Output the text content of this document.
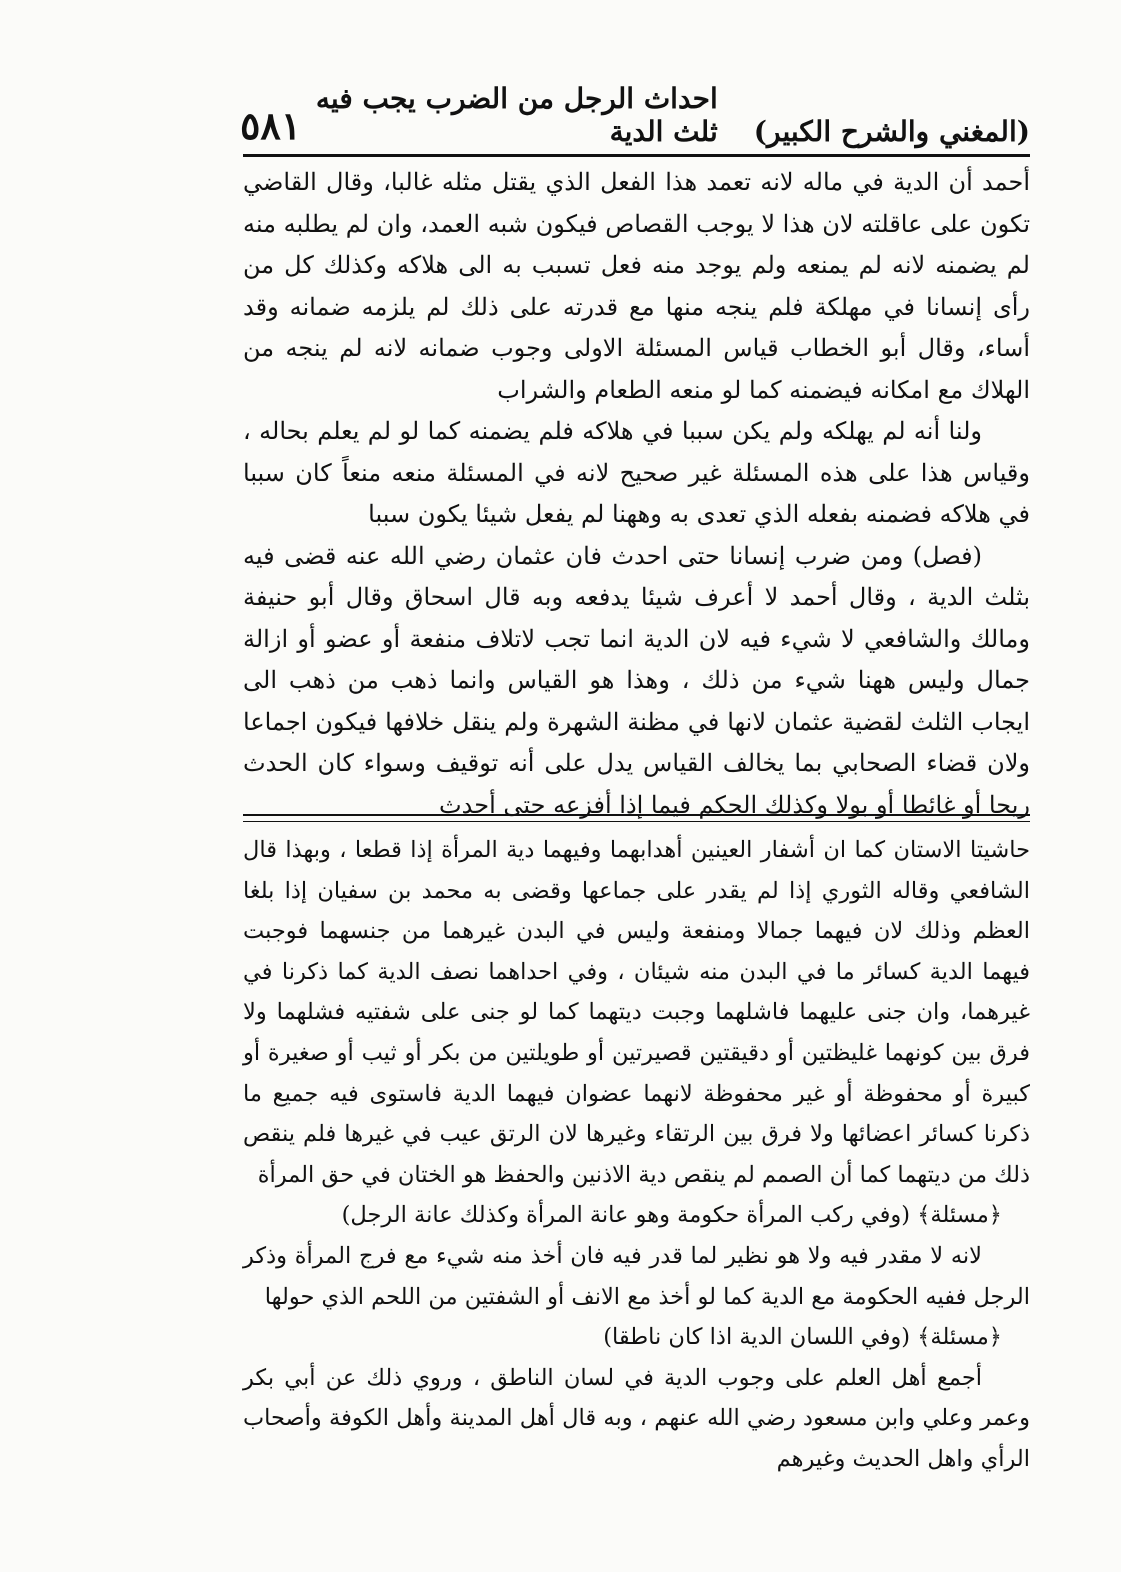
(المغني والشرح الكبير)
احداث الرجل من الضرب يجب فيه ثلث الدية
٥٨١

أحمد أن الدية في ماله لانه تعمد هذا الفعل الذي يقتل مثله غالبا، وقال القاضي تكون على عاقلته لان هذا لا يوجب القصاص فيكون شبه العمد، وان لم يطلبه منه لم يضمنه لانه لم يمنعه ولم يوجد منه فعل تسبب به الى هلاكه وكذلك كل من رأى إنسانا في مهلكة فلم ينجه منها مع قدرته على ذلك لم يلزمه ضمانه وقد أساء، وقال أبو الخطاب قياس المسئلة الاولى وجوب ضمانه لانه لم ينجه من الهلاك مع امكانه فيضمنه كما لو منعه الطعام والشراب

ولنا أنه لم يهلكه ولم يكن سببا في هلاكه فلم يضمنه كما لو لم يعلم بحاله ، وقياس هذا على هذه المسئلة غير صحيح لانه في المسئلة منعه منعاً كان سببا في هلاكه فضمنه بفعله الذي تعدى به وههنا لم يفعل شيئا يكون سببا

(فصل) ومن ضرب إنسانا حتى احدث فان عثمان رضي الله عنه قضى فيه بثلث الدية ، وقال أحمد لا أعرف شيئا يدفعه وبه قال اسحاق وقال أبو حنيفة ومالك والشافعي لا شيء فيه لان الدية انما تجب لاتلاف منفعة أو عضو أو ازالة جمال وليس ههنا شيء من ذلك ، وهذا هو القياس وانما ذهب من ذهب الى ايجاب الثلث لقضية عثمان لانها في مظنة الشهرة ولم ينقل خلافها فيكون اجماعا ولان قضاء الصحابي بما يخالف القياس يدل على أنه توقيف وسواء كان الحدث ريحا أو غائطا أو بولا وكذلك الحكم فيما إذا أفزعه حتى أحدث

حاشيتا الاستان كما ان أشفار العينين أهدابهما وفيهما دية المرأة إذا قطعا ، وبهذا قال الشافعي وقاله الثوري إذا لم يقدر على جماعها وقضى به محمد بن سفيان إذا بلغا العظم وذلك لان فيهما جمالا ومنفعة وليس في البدن غيرهما من جنسهما فوجبت فيهما الدية كسائر ما في البدن منه شيئان ، وفي احداهما نصف الدية كما ذكرنا في غيرهما، وان جنى عليهما فاشلهما وجبت ديتهما كما لو جنى على شفتيه فشلهما ولا فرق بين كونهما غليظتين أو دقيقتين قصيرتين أو طويلتين من بكر أو ثيب أو صغيرة أو كبيرة أو محفوظة أو غير محفوظة لانهما عضوان فيهما الدية فاستوى فيه جميع ما ذكرنا كسائر اعضائها ولا فرق بين الرتقاء وغيرها لان الرتق عيب في غيرها فلم ينقص ذلك من ديتهما كما أن الصمم لم ينقص دية الاذنين والحفظ هو الختان في حق المرأة

﴿مسئلة﴾ (وفي ركب المرأة حكومة وهو عانة المرأة وكذلك عانة الرجل)

لانه لا مقدر فيه ولا هو نظير لما قدر فيه فان أخذ منه شيء مع فرج المرأة وذكر الرجل ففيه الحكومة مع الدية كما لو أخذ مع الانف أو الشفتين من اللحم الذي حولها

﴿مسئلة﴾ (وفي اللسان الدية اذا كان ناطقا)

أجمع أهل العلم على وجوب الدية في لسان الناطق ، وروي ذلك عن أبي بكر وعمر وعلي وابن مسعود رضي الله عنهم ، وبه قال أهل المدينة وأهل الكوفة وأصحاب الرأي واهل الحديث وغيرهم
